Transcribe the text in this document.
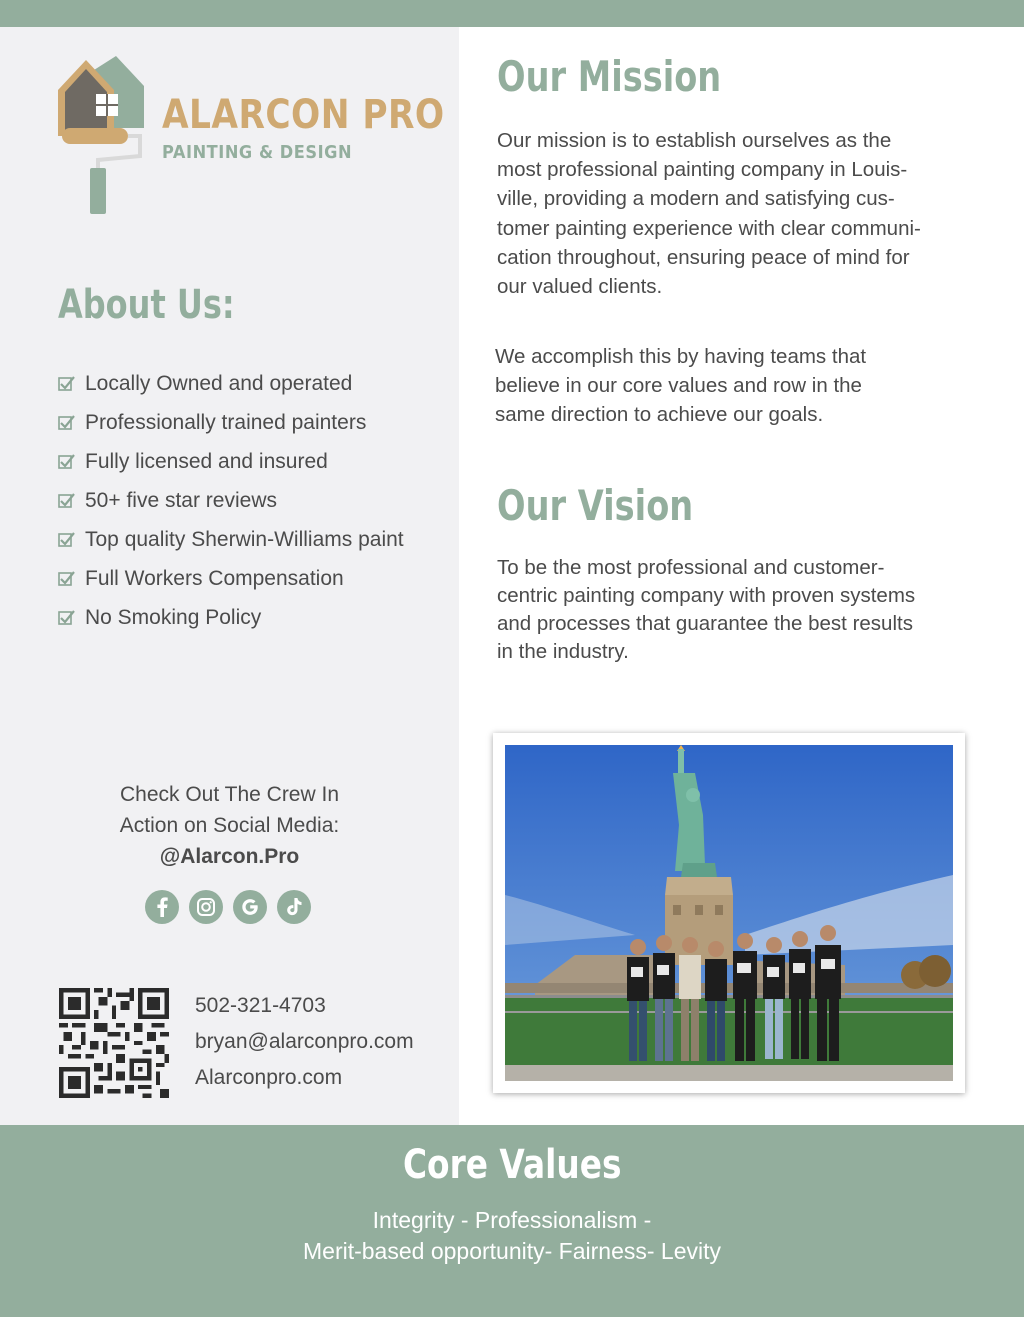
ALARCON PRO
PAINTING & DESIGN
About Us:
Locally Owned and operated
Professionally trained painters
Fully licensed and insured
50+ five star reviews
Top quality Sherwin-Williams paint
Full Workers Compensation
No Smoking Policy
Check Out The Crew In
Action on Social Media:
@Alarcon.Pro
502-321-4703
bryan@alarconpro.com
Alarconpro.com
Our Mission
Our mission is to establish ourselves as the
most professional painting company in Louis-
ville, providing a modern and satisfying cus-
tomer painting experience with clear communi-
cation throughout, ensuring peace of mind for
our valued clients.
We accomplish this by having teams that
believe in our core values and row in the
same direction to achieve our goals.
Our Vision
To be the most professional and customer-
centric painting company with proven systems
and processes that guarantee the best results
in the industry.
Core Values
Integrity - Professionalism -
Merit-based opportunity- Fairness- Levity
